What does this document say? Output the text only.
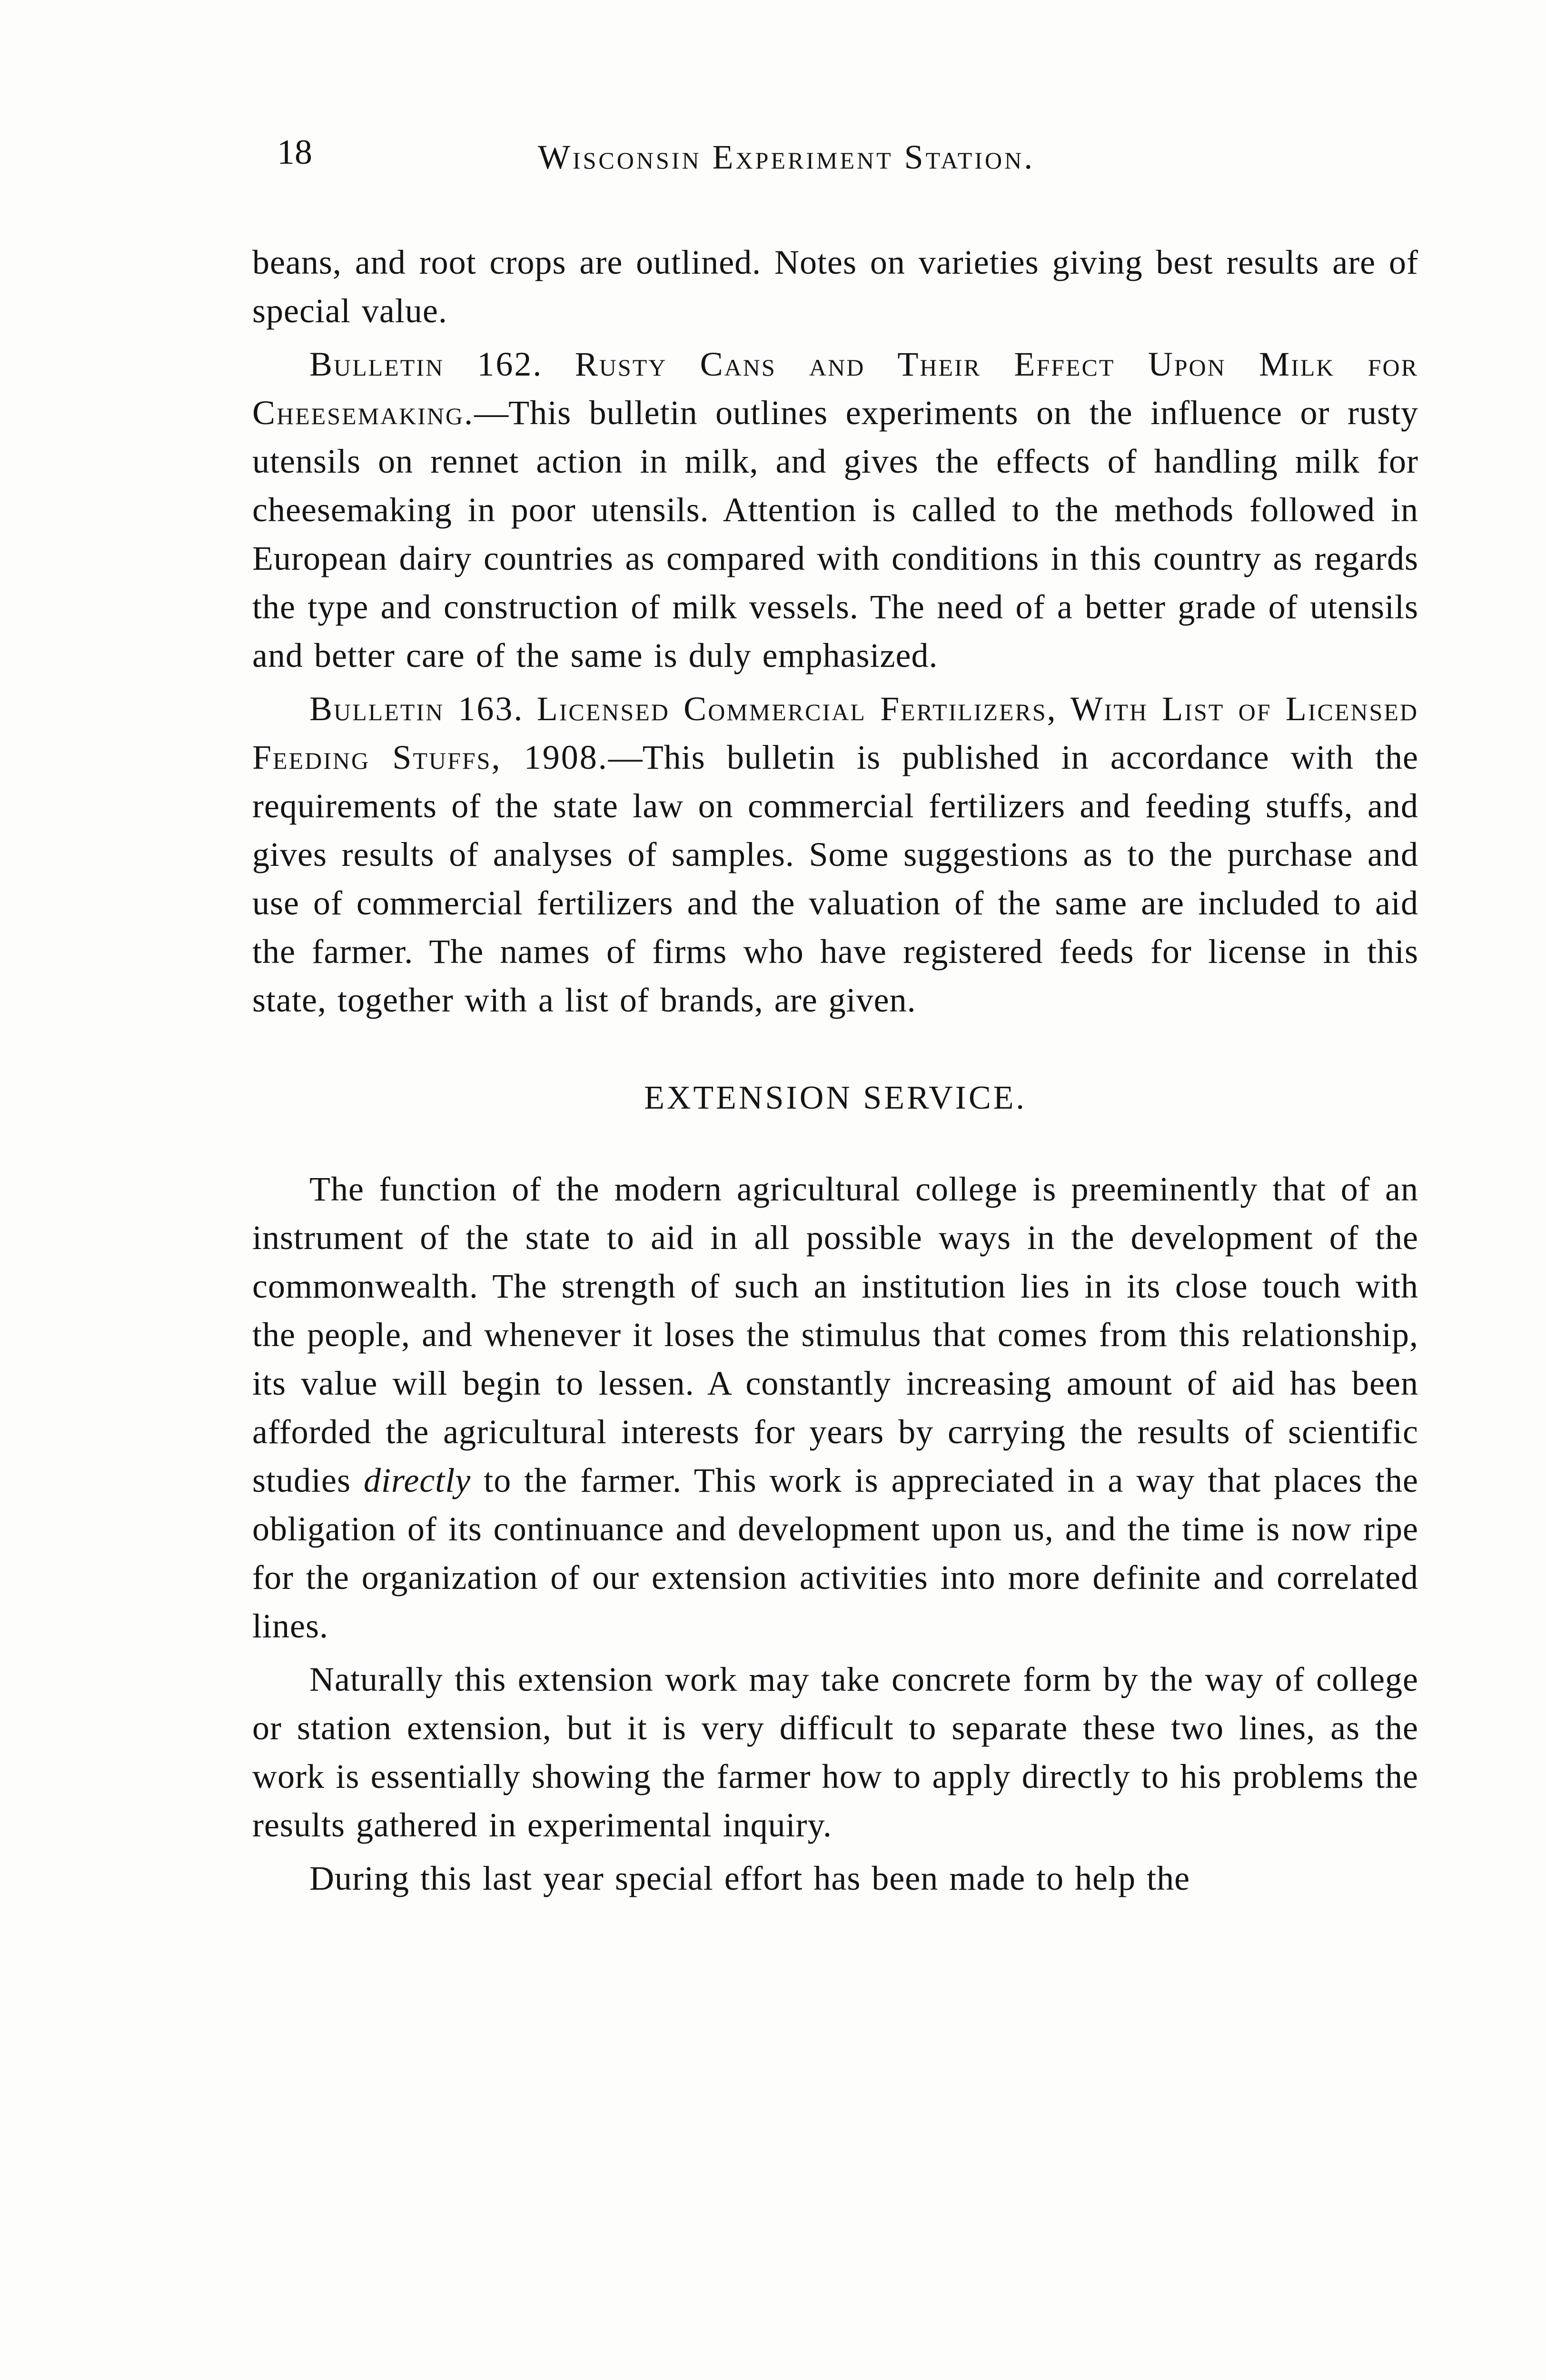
18	Wisconsin Experiment Station.

beans, and root crops are outlined. Notes on varieties giving best results are of special value.

Bulletin 162. Rusty Cans and Their Effect Upon Milk for Cheesemaking.—This bulletin outlines experiments on the influence or rusty utensils on rennet action in milk, and gives the effects of handling milk for cheesemaking in poor utensils. Attention is called to the methods followed in European dairy countries as compared with conditions in this country as regards the type and construction of milk vessels. The need of a better grade of utensils and better care of the same is duly emphasized.

Bulletin 163. Licensed Commercial Fertilizers, With List of Licensed Feeding Stuffs, 1908.—This bulletin is published in accordance with the requirements of the state law on commercial fertilizers and feeding stuffs, and gives results of analyses of samples. Some suggestions as to the purchase and use of commercial fertilizers and the valuation of the same are included to aid the farmer. The names of firms who have registered feeds for license in this state, together with a list of brands, are given.

EXTENSION SERVICE.

The function of the modern agricultural college is preeminently that of an instrument of the state to aid in all possible ways in the development of the commonwealth. The strength of such an institution lies in its close touch with the people, and whenever it loses the stimulus that comes from this relationship, its value will begin to lessen. A constantly increasing amount of aid has been afforded the agricultural interests for years by carrying the results of scientific studies directly to the farmer. This work is appreciated in a way that places the obligation of its continuance and development upon us, and the time is now ripe for the organization of our extension activities into more definite and correlated lines.

Naturally this extension work may take concrete form by the way of college or station extension, but it is very difficult to separate these two lines, as the work is essentially showing the farmer how to apply directly to his problems the results gathered in experimental inquiry.

During this last year special effort has been made to help the
